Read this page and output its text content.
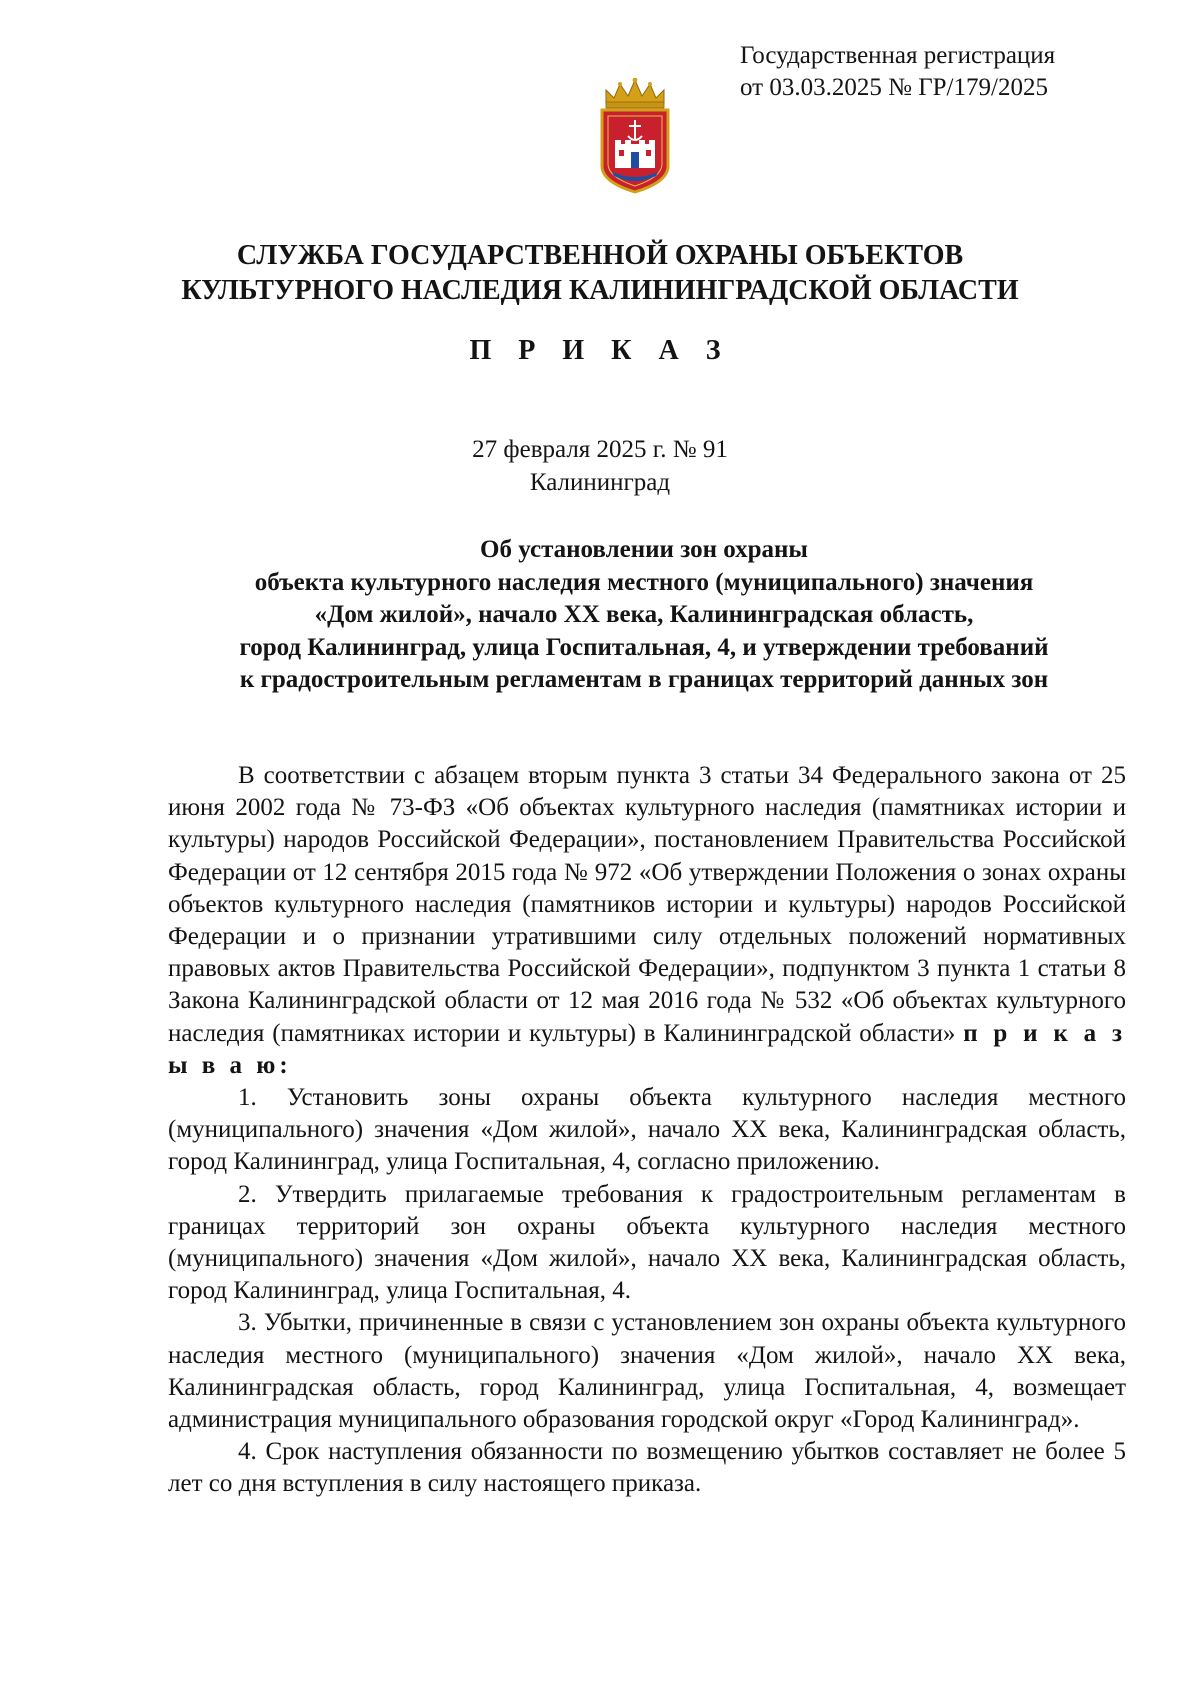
Государственная регистрация
от 03.03.2025 № ГР/179/2025
СЛУЖБА ГОСУДАРСТВЕННОЙ ОХРАНЫ ОБЪЕКТОВ
КУЛЬТУРНОГО НАСЛЕДИЯ КАЛИНИНГРАДСКОЙ ОБЛАСТИ
П Р И К А З
27 февраля 2025 г. № 91
Калининград
Об установлении зон охраны
объекта культурного наследия местного (муниципального) значения
«Дом жилой», начало XX века, Калининградская область,
город Калининград, улица Госпитальная, 4, и утверждении требований
к градостроительным регламентам в границах территорий данных зон

В соответствии с абзацем вторым пункта 3 статьи 34 Федерального закона от 25 июня 2002 года № 73-ФЗ «Об объектах культурного наследия (памятниках истории и культуры) народов Российской Федерации», постановлением Правительства Российской Федерации от 12 сентября 2015 года № 972 «Об утверждении Положения о зонах охраны объектов культурного наследия (памятников истории и культуры) народов Российской Федерации и о признании утратившими силу отдельных положений нормативных правовых актов Правительства Российской Федерации», подпунктом 3 пункта 1 статьи 8 Закона Калининградской области от 12 мая 2016 года № 532 «Об объектах культурного наследия (памятниках истории и культуры) в Калининградской области» п р и к а з ы в а ю:

1. Установить зоны охраны объекта культурного наследия местного (муниципального) значения «Дом жилой», начало XX века, Калининградская область, город Калининград, улица Госпитальная, 4, согласно приложению.

2. Утвердить прилагаемые требования к градостроительным регламентам в границах территорий зон охраны объекта культурного наследия местного (муниципального) значения «Дом жилой», начало XX века, Калининградская область, город Калининград, улица Госпитальная, 4.

3. Убытки, причиненные в связи с установлением зон охраны объекта культурного наследия местного (муниципального) значения «Дом жилой», начало XX века, Калининградская область, город Калининград, улица Госпитальная, 4, возмещает администрация муниципального образования городской округ «Город Калининград».

4. Срок наступления обязанности по возмещению убытков составляет не более 5 лет со дня вступления в силу настоящего приказа.
